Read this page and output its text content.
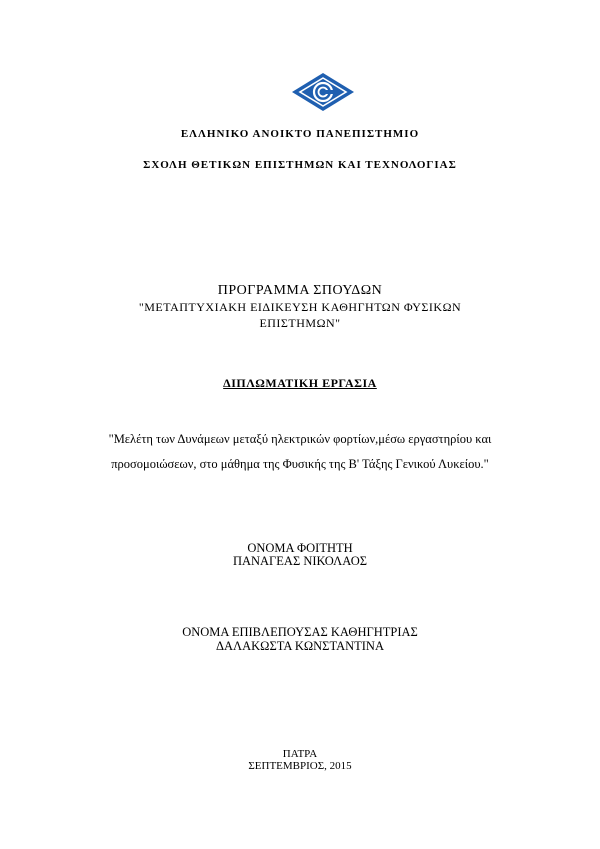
ΕΛΛΗΝΙΚΟ ΑΝΟΙΚΤΟ ΠΑΝΕΠΙΣΤΗΜΙΟ
ΣΧΟΛΗ ΘΕΤΙΚΩΝ ΕΠΙΣΤΗΜΩΝ ΚΑΙ ΤΕΧΝΟΛΟΓΙΑΣ
ΠΡΟΓΡΑΜΜΑ ΣΠΟΥΔΩΝ
"ΜΕΤΑΠΤΥΧΙΑΚΗ ΕΙΔΙΚΕΥΣΗ ΚΑΘΗΓΗΤΩΝ ΦΥΣΙΚΩΝ
ΕΠΙΣΤΗΜΩΝ"
ΔΙΠΛΩΜΑΤΙΚΗ ΕΡΓΑΣΙΑ
"Μελέτη των Δυνάμεων μεταξύ ηλεκτρικών φορτίων,μέσω εργαστηρίου και
προσομοιώσεων, στο μάθημα της Φυσικής της Β' Τάξης Γενικού Λυκείου."
ΟΝΟΜΑ ΦΟΙΤΗΤΗ
ΠΑΝΑΓΕΑΣ ΝΙΚΟΛΑΟΣ
ΟΝΟΜΑ ΕΠΙΒΛΕΠΟΥΣΑΣ ΚΑΘΗΓΗΤΡΙΑΣ
ΔΑΛΑΚΩΣΤΑ ΚΩΝΣΤΑΝΤΙΝΑ
ΠΑΤΡΑ
ΣΕΠΤΕΜΒΡΙΟΣ, 2015
